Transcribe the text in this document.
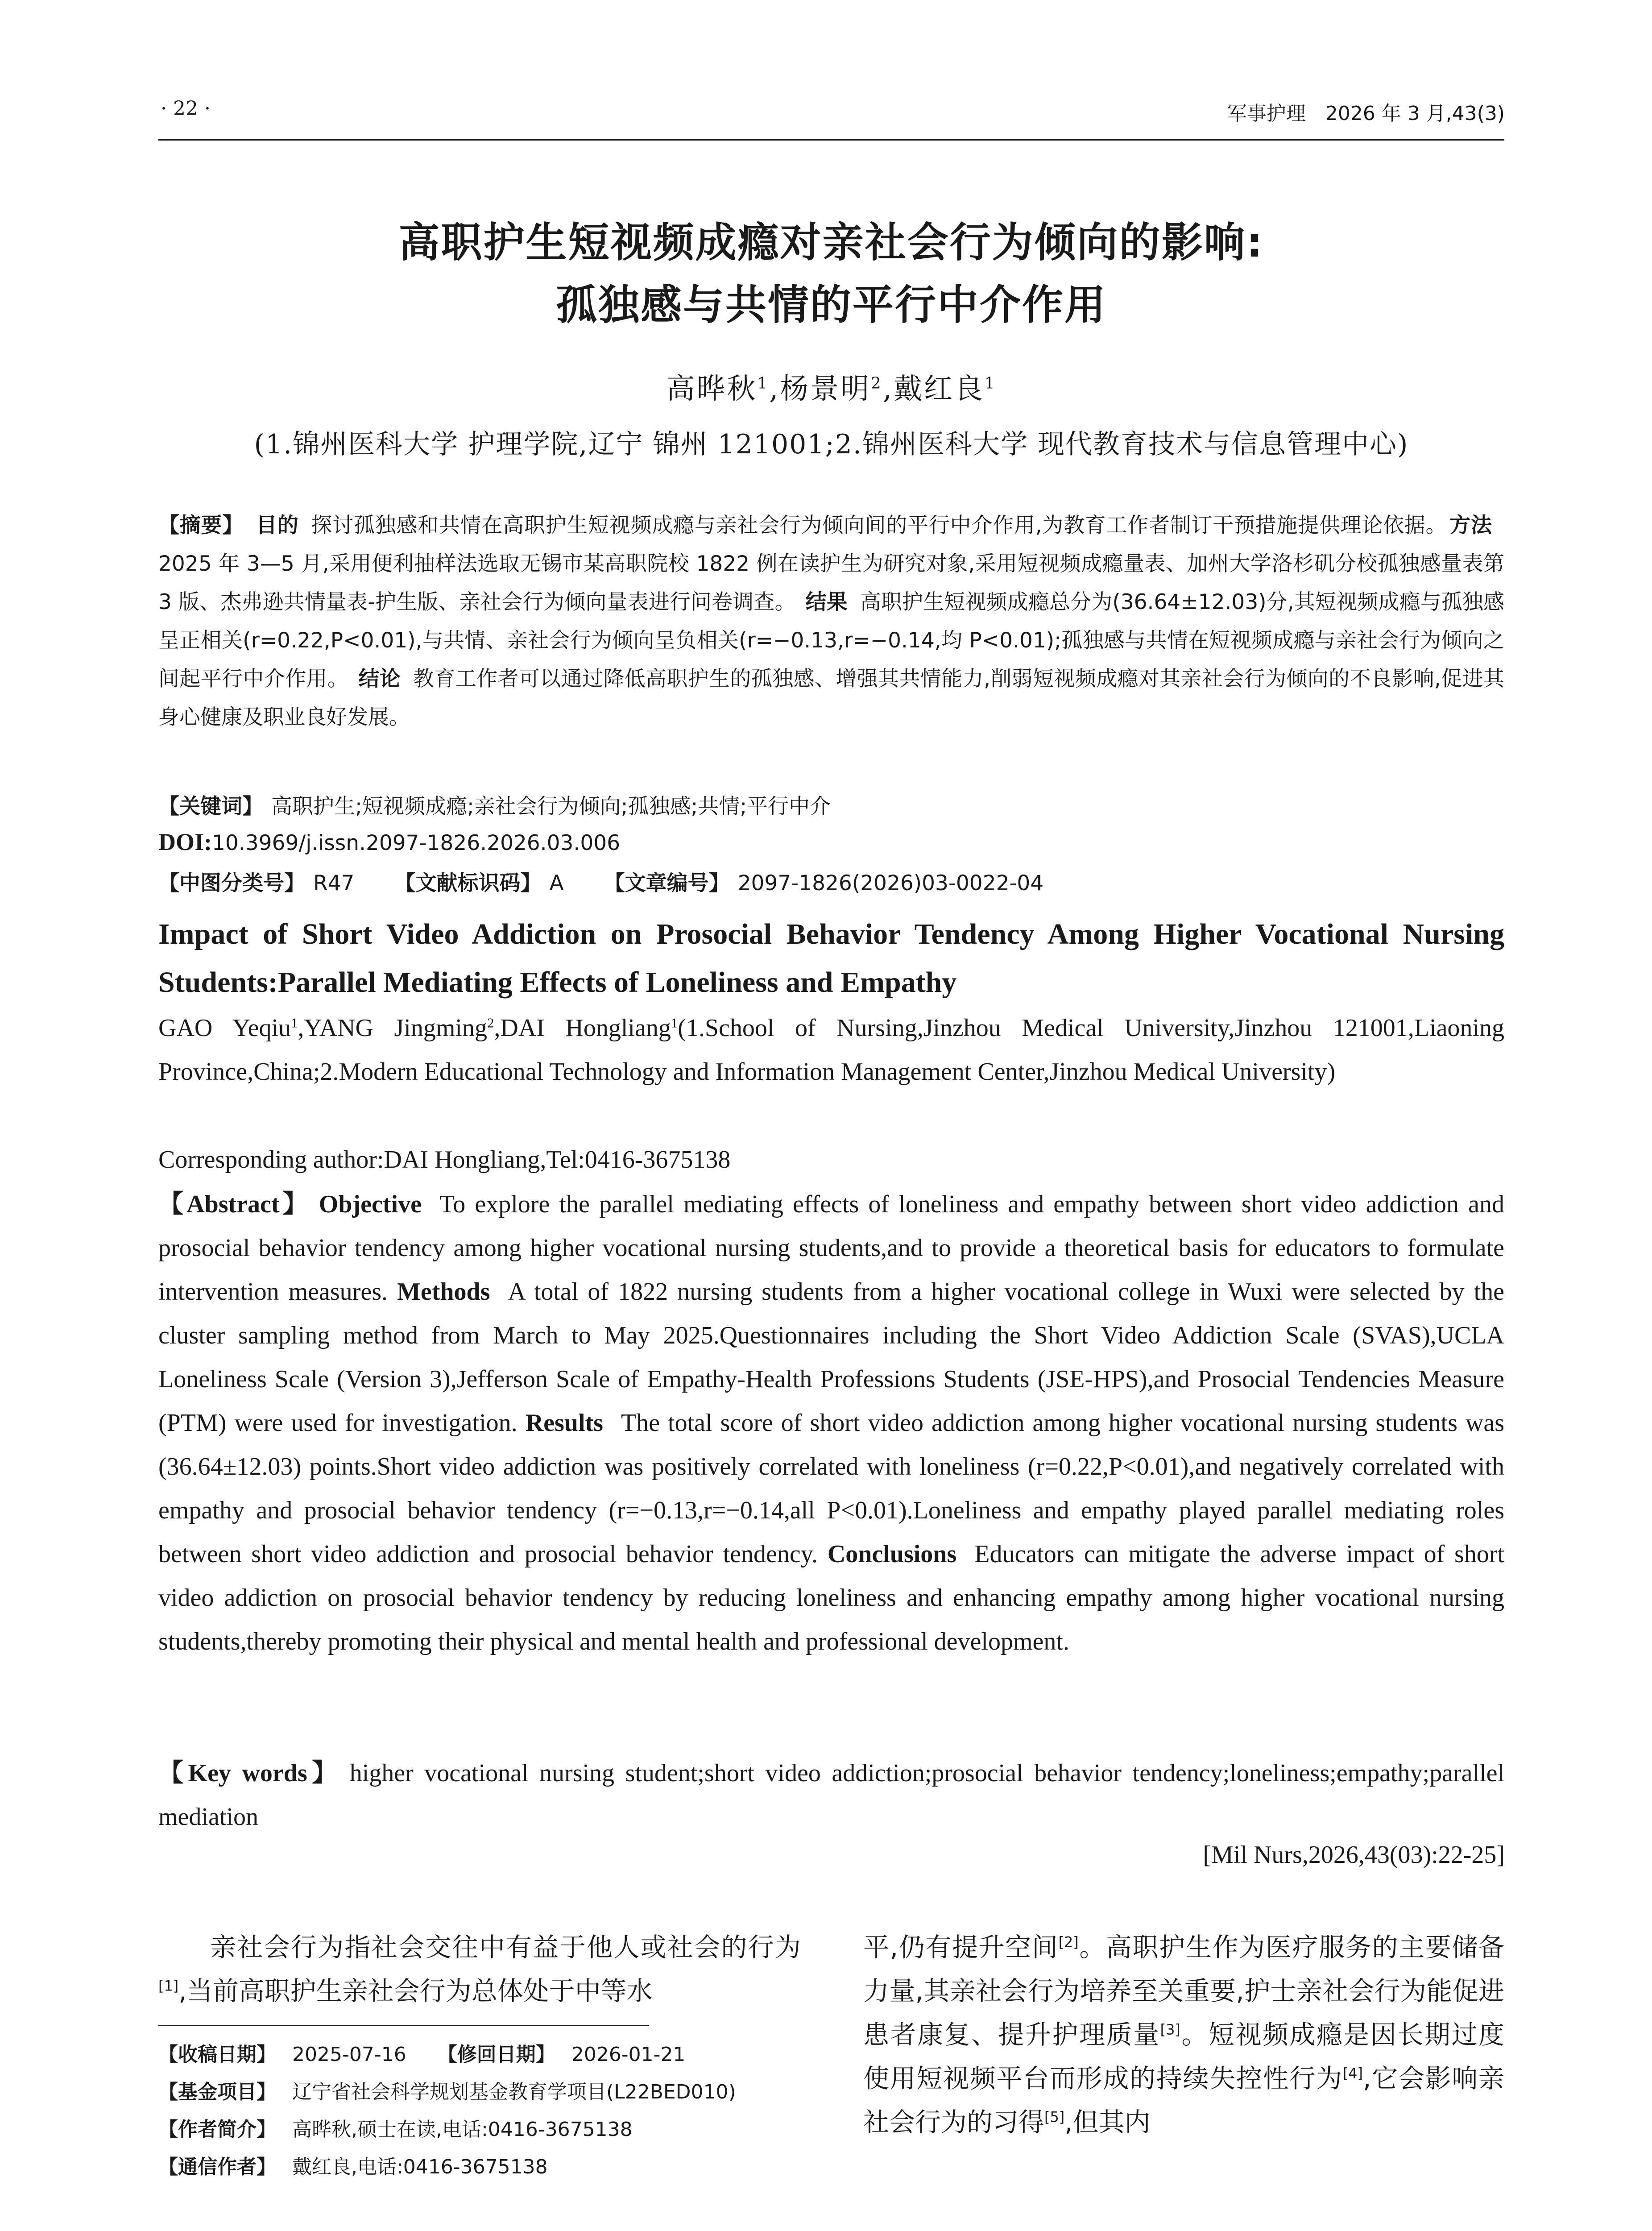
· 22 ·	军事护理　2026 年 3 月,43(3)
高职护生短视频成瘾对亲社会行为倾向的影响:
孤独感与共情的平行中介作用
高晔秋$^1$,杨景明$^2$,戴红良$^1$
(1.锦州医科大学 护理学院,辽宁 锦州 121001;2.锦州医科大学 现代教育技术与信息管理中心)
【摘要】 目的 探讨孤独感和共情在高职护生短视频成瘾与亲社会行为倾向间的平行中介作用,为教育工作者制订干预措施提供理论依据。 方法2025 年 3—5 月,采用便利抽样法选取无锡市某高职院校 1822 例在读护生为研究对象,采用短视频成瘾量表、加州大学洛杉矶分校孤独感量表第 3 版、杰弗逊共情量表-护生版、亲社会行为倾向量表进行问卷调查。 结果 高职护生短视频成瘾总分为(36.64±12.03)分,其短视频成瘾与孤独感呈正相关(r=0.22,P<0.01),与共情、亲社会行为倾向呈负相关(r=−0.13,r=−0.14,均 P<0.01);孤独感与共情在短视频成瘾与亲社会行为倾向之间起平行中介作用。 结论 教育工作者可以通过降低高职护生的孤独感、增强其共情能力,削弱短视频成瘾对其亲社会行为倾向的不良影响,促进其身心健康及职业良好发展。
【关键词】 高职护生;短视频成瘾;亲社会行为倾向;孤独感;共情;平行中介
DOI:10.3969/j.issn.2097-1826.2026.03.006
【中图分类号】 R47 【文献标识码】 A 【文章编号】 2097-1826(2026)03-0022-04
Impact of Short Video Addiction on Prosocial Behavior Tendency Among Higher Vocational Nursing Students:Parallel Mediating Effects of Loneliness and Empathy
GAO Yeqiu$^1$,YANG Jingming$^2$,DAI Hongliang$^1$(1.School of Nursing,Jinzhou Medical University,Jinzhou 121001,Liaoning Province,China;2.Modern Educational Technology and Information Management Center,Jinzhou Medical University)
Corresponding author:DAI Hongliang,Tel:0416-3675138
【Abstract】 Objective To explore the parallel mediating effects of loneliness and empathy between short video addiction and prosocial behavior tendency among higher vocational nursing students,and to provide a theoretical basis for educators to formulate intervention measures. Methods A total of 1822 nursing students from a higher vocational college in Wuxi were selected by the cluster sampling method from March to May 2025.Questionnaires including the Short Video Addiction Scale (SVAS),UCLA Loneliness Scale (Version 3),Jefferson Scale of Empathy-Health Professions Students (JSE-HPS),and Prosocial Tendencies Measure (PTM) were used for investigation. Results The total score of short video addiction among higher vocational nursing students was (36.64±12.03) points.Short video addiction was positively correlated with loneliness (r=0.22,P<0.01),and negatively correlated with empathy and prosocial behavior tendency (r=−0.13,r=−0.14,all P<0.01).Loneliness and empathy played parallel mediating roles between short video addiction and prosocial behavior tendency. Conclusions Educators can mitigate the adverse impact of short video addiction on prosocial behavior tendency by reducing loneliness and enhancing empathy among higher vocational nursing students,thereby promoting their physical and mental health and professional development.
【Key words】 higher vocational nursing student;short video addiction;prosocial behavior tendency;loneliness;empathy;parallel mediation
[Mil Nurs,2026,43(03):22-25]
亲社会行为指社会交往中有益于他人或社会的行为[1],当前高职护生亲社会行为总体处于中等水
【收稿日期】 2025-07-16 【修回日期】 2026-01-21
【基金项目】 辽宁省社会科学规划基金教育学项目(L22BED010)
【作者简介】 高晔秋,硕士在读,电话:0416-3675138
【通信作者】 戴红良,电话:0416-3675138
平,仍有提升空间[2]。高职护生作为医疗服务的主要储备力量,其亲社会行为培养至关重要,护士亲社会行为能促进患者康复、提升护理质量[3]。短视频成瘾是因长期过度使用短视频平台而形成的持续失控性行为[4],它会影响亲社会行为的习得[5],但其内
